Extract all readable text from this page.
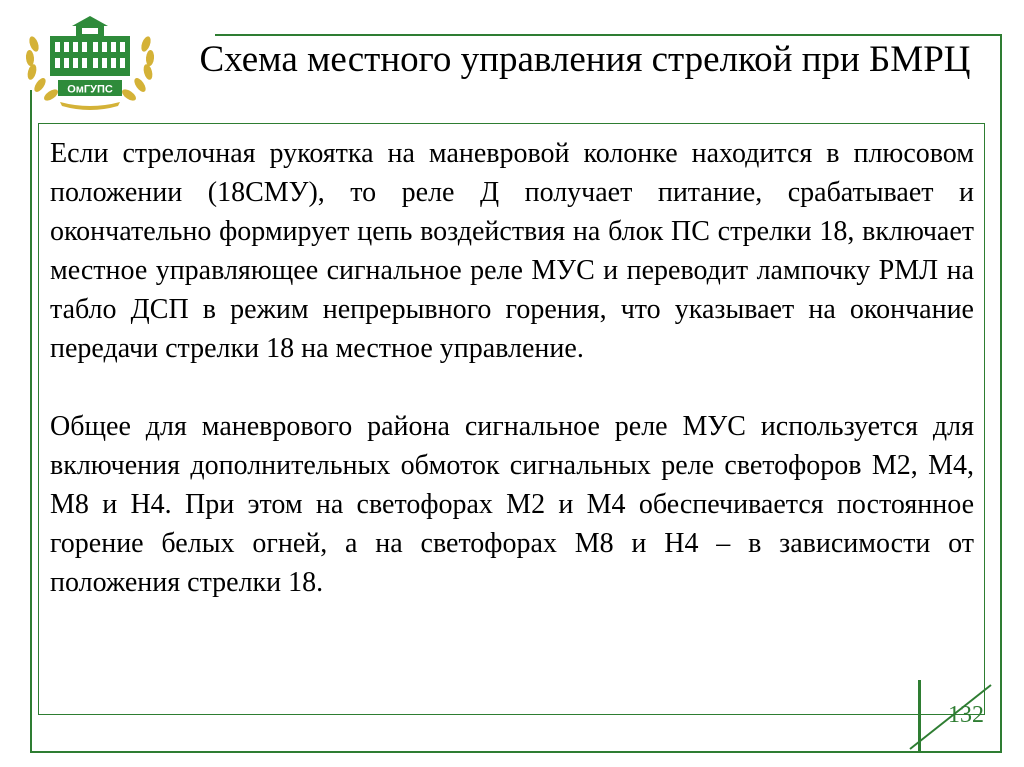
ОмГУПС
Схема местного управления стрелкой при БМРЦ

Если стрелочная рукоятка на маневровой колонке находится в плюсовом положении (18СМУ), то реле Д получает питание, срабатывает и окончательно формирует цепь воздействия на блок ПС стрелки 18, включает местное управляющее сигнальное реле МУС и переводит лампочку РМЛ на табло ДСП в режим непрерывного горения, что указывает на окончание передачи стрелки 18 на местное управление.

Общее для маневрового района сигнальное реле МУС используется для включения дополнительных обмоток сигнальных реле светофоров М2, М4, М8 и Н4. При этом на светофорах М2 и М4 обеспечивается постоянное горение белых огней, а на светофорах М8 и Н4 – в зависимости от положения стрелки 18.

132
